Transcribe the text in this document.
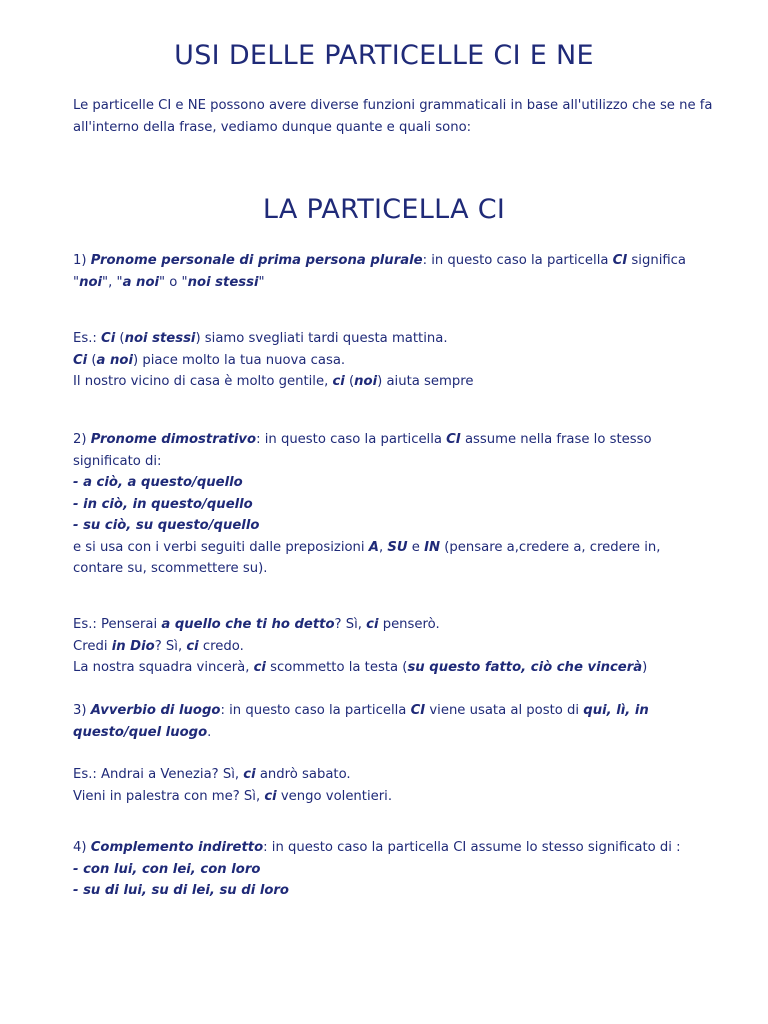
USI DELLE PARTICELLE CI E NE

Le particelle CI e NE possono avere diverse funzioni grammaticali in base all'utilizzo che se ne fa all'interno della frase, vediamo dunque quante e quali sono:

LA PARTICELLA CI

1) Pronome personale di prima persona plurale: in questo caso la particella CI significa "noi", "a noi" o "noi stessi"

Es.: Ci (noi stessi) siamo svegliati tardi questa mattina.

Ci (a noi) piace molto la tua nuova casa.

Il nostro vicino di casa è molto gentile, ci (noi) aiuta sempre

2) Pronome dimostrativo: in questo caso la particella CI assume nella frase lo stesso significato di:

- a ciò, a questo/quello

- in ciò, in questo/quello

- su ciò, su questo/quello

e si usa con i verbi seguiti dalle preposizioni A, SU e IN (pensare a,credere a, credere in, contare su, scommettere su).

Es.: Penserai a quello che ti ho detto? Sì, ci penserò.

Credi in Dio? Sì, ci credo.

La nostra squadra vincerà, ci scommetto la testa (su questo fatto, ciò che vincerà)

3) Avverbio di luogo: in questo caso la particella CI viene usata al posto di qui, lì, in questo/quel luogo.

Es.: Andrai a Venezia? Sì, ci andrò sabato.

Vieni in palestra con me? Sì, ci vengo volentieri.

4) Complemento indiretto: in questo caso la particella CI assume lo stesso significato di :

- con lui, con lei, con loro

- su di lui, su di lei, su di loro
